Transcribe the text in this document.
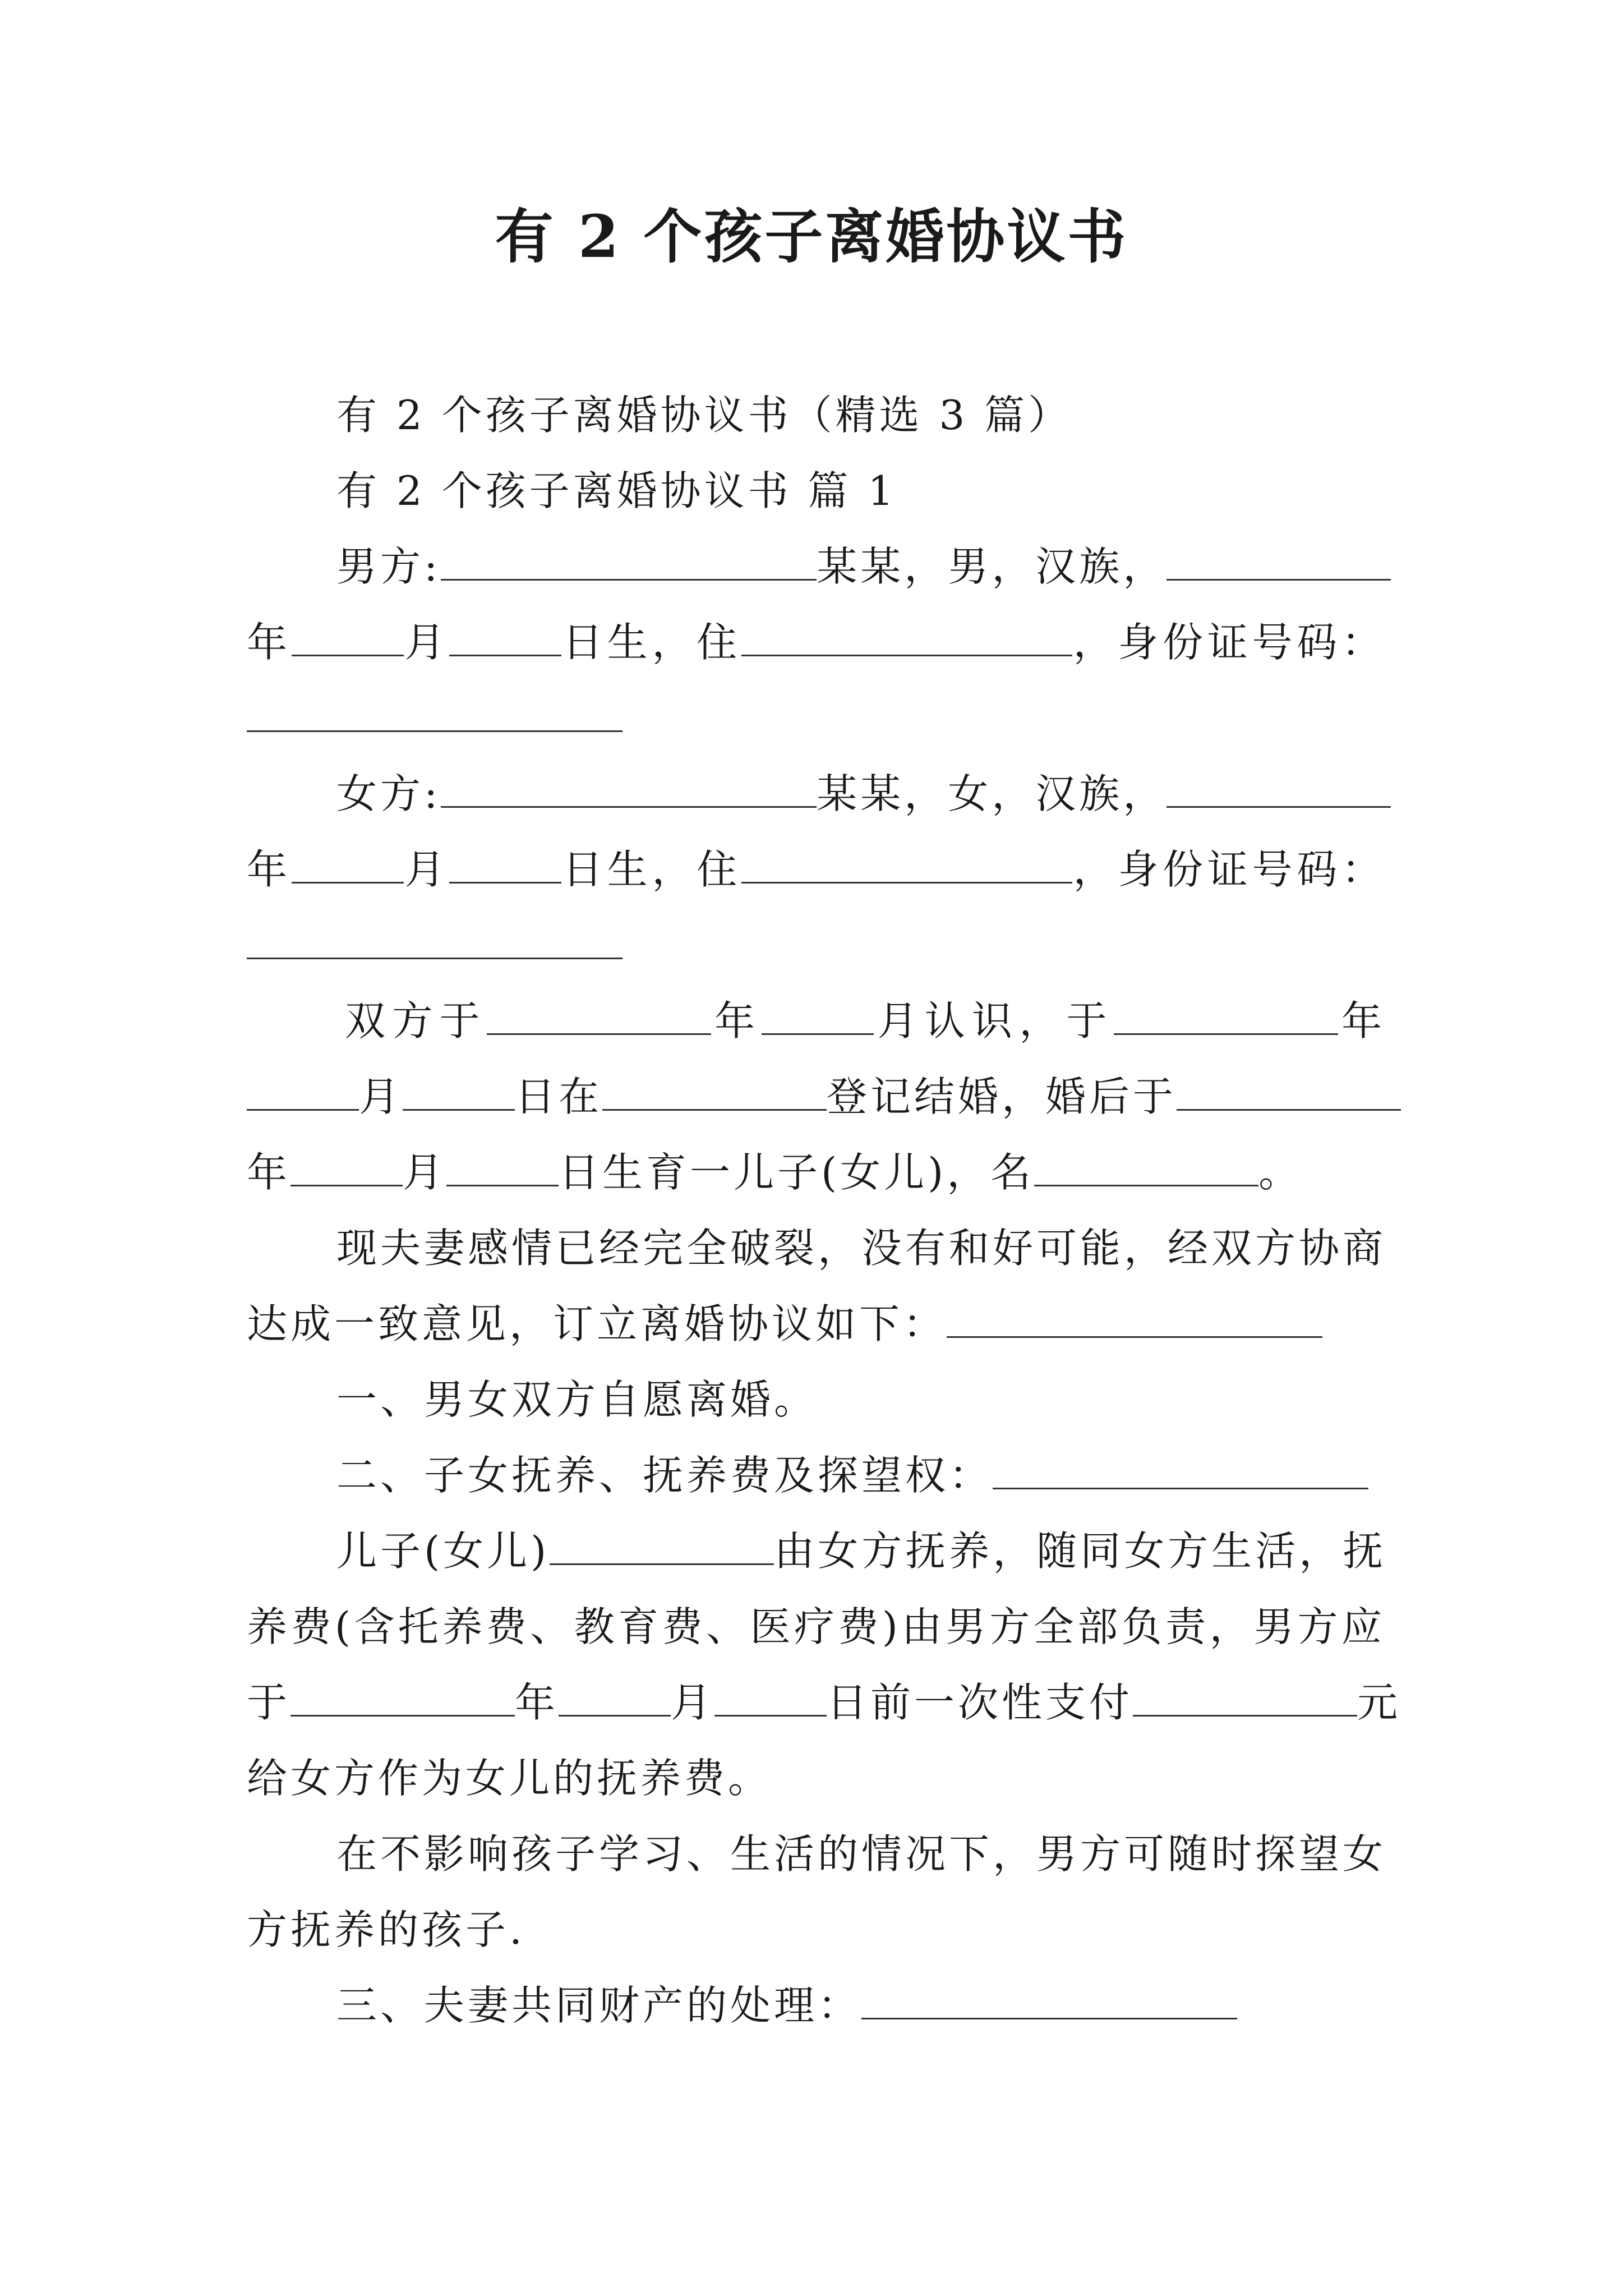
有 2 个孩子离婚协议书
有 2 个孩子离婚协议书（精选 3 篇）
有 2 个孩子离婚协议书 篇 1
男方:	某某，男，汉族，
年	月	日生，住	，身份证号码：
女方:	某某，女，汉族，
年	月	日生，住	，身份证号码：
双方于	年	月认识，于	年
月	日在	登记结婚，婚后于
年	月	日生育一儿子(女儿)，名	。
现夫妻感情已经完全破裂，没有和好可能，经双方协商
达成一致意见，订立离婚协议如下：
一、男女双方自愿离婚。
二、子女抚养、抚养费及探望权：
儿子(女儿)	由女方抚养，随同女方生活，抚
养费(含托养费、教育费、医疗费)由男方全部负责，男方应
于	年	月	日前一次性支付	元
给女方作为女儿的抚养费。
在不影响孩子学习、生活的情况下，男方可随时探望女
方抚养的孩子.
三、夫妻共同财产的处理：
